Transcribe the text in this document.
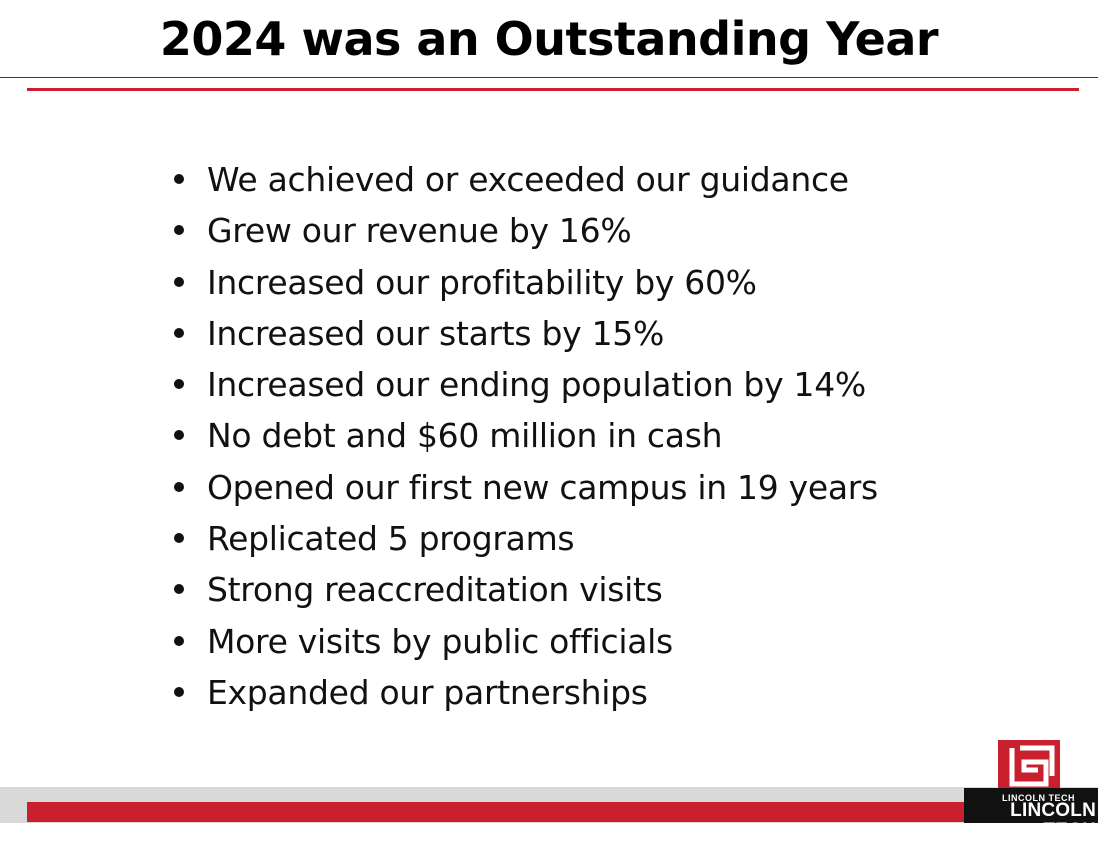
2024 was an Outstanding Year
We achieved or exceeded our guidance
Grew our revenue by 16%
Increased our profitability by 60%
Increased our starts by 15%
Increased our ending population by 14%
No debt and $60 million in cash
Opened our first new campus in 19 years
Replicated 5 programs
Strong reaccreditation visits
More visits by public officials
Expanded our partnerships
LINCOLN TECH
LINCOLN TECH
